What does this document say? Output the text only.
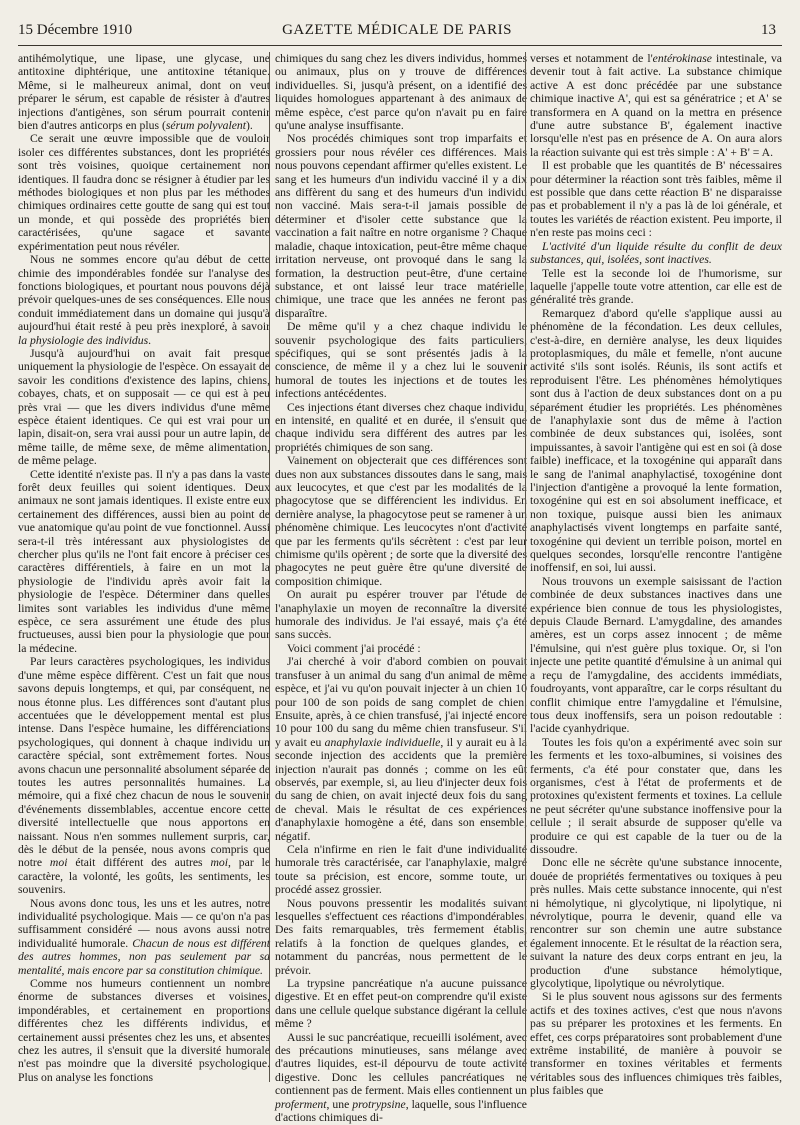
15 Décembre 1910	GAZETTE MÉDICALE DE PARIS	13

antihémolytique, une lipase, une glycase, une antitoxine diphtérique, une antitoxine tétanique. Même, si le malheureux animal, dont on veut préparer le sérum, est capable de résister à d'autres injections d'antigènes, son sérum pourrait contenir bien d'autres anticorps en plus (sérum polyvalent).

Ce serait une œuvre impossible que de vouloir isoler ces différentes substances, dont les propriétés sont très voisines, quoique certainement non identiques. Il faudra donc se résigner à étudier par les méthodes biologiques et non plus par les méthodes chimiques ordinaires cette goutte de sang qui est tout un monde, et qui possède des propriétés bien caractérisées, qu'une sagace et savante expérimentation peut nous révéler.

Nous ne sommes encore qu'au début de cette chimie des impondérables fondée sur l'analyse des fonctions biologiques, et pourtant nous pouvons déjà prévoir quelques-unes de ses conséquences. Elle nous conduit immédiatement dans un domaine qui jusqu'à aujourd'hui était resté à peu près inexploré, à savoir la physiologie des individus.

Jusqu'à aujourd'hui on avait fait presque uniquement la physiologie de l'espèce. On essayait de savoir les conditions d'existence des lapins, chiens, cobayes, chats, et on supposait — ce qui est à peu près vrai — que les divers individus d'une même espèce étaient identiques. Ce qui est vrai pour un lapin, disait-on, sera vrai aussi pour un autre lapin, de même taille, de même sexe, de même alimentation, de même pelage.

Cette identité n'existe pas. Il n'y a pas dans la vaste forêt deux feuilles qui soient identiques. Deux animaux ne sont jamais identiques. Il existe entre eux certainement des différences, aussi bien au point de vue anatomique qu'au point de vue fonctionnel. Aussi sera-t-il très intéressant aux physiologistes de chercher plus qu'ils ne l'ont fait encore à préciser ces caractères différentiels, à faire en un mot la physiologie de l'individu après avoir fait la physiologie de l'espèce. Déterminer dans quelles limites sont variables les individus d'une même espèce, ce sera assurément une étude des plus fructueuses, aussi bien pour la physiologie que pour la médecine.

Par leurs caractères psychologiques, les individus d'une même espèce diffèrent. C'est un fait que nous savons depuis longtemps, et qui, par conséquent, ne nous étonne plus. Les différences sont d'autant plus accentuées que le développement mental est plus intense. Dans l'espèce humaine, les différenciations psychologiques, qui donnent à chaque individu un caractère spécial, sont extrêmement fortes. Nous avons chacun une personnalité absolument séparée de toutes les autres personnalités humaines. La mémoire, qui a fixé chez chacun de nous le souvenir d'événements dissemblables, accentue encore cette diversité intellectuelle que nous apportons en naissant. Nous n'en sommes nullement surpris, car, dès le début de la pensée, nous avons compris que notre moi était différent des autres moi, par le caractère, la volonté, les goûts, les sentiments, les souvenirs.

Nous avons donc tous, les uns et les autres, notre individualité psychologique. Mais — ce qu'on n'a pas suffisamment considéré — nous avons aussi notre individualité humorale. Chacun de nous est différent des autres hommes, non pas seulement par sa mentalité, mais encore par sa constitution chimique.

Comme nos humeurs contiennent un nombre énorme de substances diverses et voisines, impondérables, et certainement en proportions différentes chez les différents individus, et certainement aussi présentes chez les uns, et absentes chez les autres, il s'ensuit que la diversité humorale n'est pas moindre que la diversité psychologique. Plus on analyse les fonctions

chimiques du sang chez les divers individus, hommes ou animaux, plus on y trouve de différences individuelles. Si, jusqu'à présent, on a identifié des liquides homologues appartenant à des animaux de même espèce, c'est parce qu'on n'avait pu en faire qu'une analyse insuffisante.

Nos procédés chimiques sont trop imparfaits et grossiers pour nous révéler ces différences. Mais nous pouvons cependant affirmer qu'elles existent. Le sang et les humeurs d'un individu vacciné il y a dix ans diffèrent du sang et des humeurs d'un individu non vacciné. Mais sera-t-il jamais possible de déterminer et d'isoler cette substance que la vaccination a fait naître en notre organisme ? Chaque maladie, chaque intoxication, peut-être même chaque irritation nerveuse, ont provoqué dans le sang la formation, la destruction peut-être, d'une certaine substance, et ont laissé leur trace matérielle, chimique, une trace que les années ne feront pas disparaître.

De même qu'il y a chez chaque individu le souvenir psychologique des faits particuliers, spécifiques, qui se sont présentés jadis à la conscience, de même il y a chez lui le souvenir humoral de toutes les injections et de toutes les infections antécédentes.

Ces injections étant diverses chez chaque individu, en intensité, en qualité et en durée, il s'ensuit que chaque individu sera différent des autres par les propriétés chimiques de son sang.

Vainement on objecterait que ces différences sont dues non aux substances dissoutes dans le sang, mais aux leucocytes, et que c'est par les modalités de la phagocytose que se différencient les individus. En dernière analyse, la phagocytose peut se ramener à un phénomène chimique. Les leucocytes n'ont d'activité que par les ferments qu'ils sécrètent : c'est par leur chimisme qu'ils opèrent ; de sorte que la diversité des phagocytes ne peut guère être qu'une diversité de composition chimique.

On aurait pu espérer trouver par l'étude de l'anaphylaxie un moyen de reconnaître la diversité humorale des individus. Je l'ai essayé, mais ç'a été sans succès.

Voici comment j'ai procédé :

J'ai cherché à voir d'abord combien on pouvait transfuser à un animal du sang d'un animal de même espèce, et j'ai vu qu'on pouvait injecter à un chien 10 pour 100 de son poids de sang complet de chien. Ensuite, après, à ce chien transfusé, j'ai injecté encore 10 pour 100 du sang du même chien transfuseur. S'il y avait eu anaphylaxie individuelle, il y aurait eu à la seconde injection des accidents que la première injection n'aurait pas donnés ; comme on les eût observés, par exemple, si, au lieu d'injecter deux fois du sang de chien, on avait injecté deux fois du sang de cheval. Mais le résultat de ces expériences d'anaphylaxie homogène a été, dans son ensemble, négatif.

Cela n'infirme en rien le fait d'une individualité humorale très caractérisée, car l'anaphylaxie, malgré toute sa précision, est encore, somme toute, un procédé assez grossier.

Nous pouvons pressentir les modalités suivant lesquelles s'effectuent ces réactions d'impondérables. Des faits remarquables, très fermement établis, relatifs à la fonction de quelques glandes, et notamment du pancréas, nous permettent de le prévoir.

La trypsine pancréatique n'a aucune puissance digestive. Et en effet peut-on comprendre qu'il existe dans une cellule quelque substance digérant la cellule même ?

Aussi le suc pancréatique, recueilli isolément, avec des précautions minutieuses, sans mélange avec d'autres liquides, est-il dépourvu de toute activité digestive. Donc les cellules pancréatiques ne contiennent pas de ferment. Mais elles contiennent un proferment, une protrypsine, laquelle, sous l'influence d'actions chimiques di-

verses et notamment de l'entérokinase intestinale, va devenir tout à fait active. La substance chimique active A est donc précédée par une substance chimique inactive A', qui est sa génératrice ; et A' se transformera en A quand on la mettra en présence d'une autre substance B', également inactive lorsqu'elle n'est pas en présence de A. On aura alors la réaction suivante qui est très simple : A' + B' = A.

Il est probable que les quantités de B' nécessaires pour déterminer la réaction sont très faibles, même il est possible que dans cette réaction B' ne disparaisse pas et probablement il n'y a pas là de loi générale, et toutes les variétés de réaction existent. Peu importe, il n'en reste pas moins ceci :

L'activité d'un liquide résulte du conflit de deux substances, qui, isolées, sont inactives.

Telle est la seconde loi de l'humorisme, sur laquelle j'appelle toute votre attention, car elle est de généralité très grande.

Remarquez d'abord qu'elle s'applique aussi au phénomène de la fécondation. Les deux cellules, c'est-à-dire, en dernière analyse, les deux liquides protoplasmiques, du mâle et femelle, n'ont aucune activité s'ils sont isolés. Réunis, ils sont actifs et reproduisent l'être. Les phénomènes hémolytiques sont dus à l'action de deux substances dont on a pu séparément étudier les propriétés. Les phénomènes de l'anaphylaxie sont dus de même à l'action combinée de deux substances qui, isolées, sont impuissantes, à savoir l'antigène qui est en soi (à dose faible) inefficace, et la toxogénine qui apparaît dans le sang de l'animal anaphylactisé, toxogénine dont l'injection d'antigène a provoqué la lente formation, toxogénine qui est en soi absolument inefficace, et non toxique, puisque aussi bien les animaux anaphylactisés vivent longtemps en parfaite santé, toxogénine qui devient un terrible poison, mortel en quelques secondes, lorsqu'elle rencontre l'antigène inoffensif, en soi, lui aussi.

Nous trouvons un exemple saisissant de l'action combinée de deux substances inactives dans une expérience bien connue de tous les physiologistes, depuis Claude Bernard. L'amygdaline, des amandes amères, est un corps assez innocent ; de même l'émulsine, qui n'est guère plus toxique. Or, si l'on injecte une petite quantité d'émulsine à un animal qui a reçu de l'amygdaline, des accidents immédiats, foudroyants, vont apparaître, car le corps résultant du conflit chimique entre l'amygdaline et l'émulsine, tous deux inoffensifs, sera un poison redoutable : l'acide cyanhydrique.

Toutes les fois qu'on a expérimenté avec soin sur les ferments et les toxo-albumines, si voisines des ferments, c'a été pour constater que, dans les organismes, c'est à l'état de proferments et de protoxines qu'existent ferments et toxines. La cellule ne peut sécréter qu'une substance inoffensive pour la cellule ; il serait absurde de supposer qu'elle va produire ce qui est capable de la tuer ou de la dissoudre.

Donc elle ne sécrète qu'une substance innocente, douée de propriétés fermentatives ou toxiques à peu près nulles. Mais cette substance innocente, qui n'est ni hémolytique, ni glycolytique, ni lipolytique, ni névrolytique, pourra le devenir, quand elle va rencontrer sur son chemin une autre substance également innocente. Et le résultat de la réaction sera, suivant la nature des deux corps entrant en jeu, la production d'une substance hémolytique, glycolytique, lipolytique ou névrolytique.

Si le plus souvent nous agissons sur des ferments actifs et des toxines actives, c'est que nous n'avons pas su préparer les protoxines et les ferments. En effet, ces corps préparatoires sont probablement d'une extrême instabilité, de manière à pouvoir se transformer en toxines véritables et ferments véritables sous des influences chimiques très faibles, plus faibles que
